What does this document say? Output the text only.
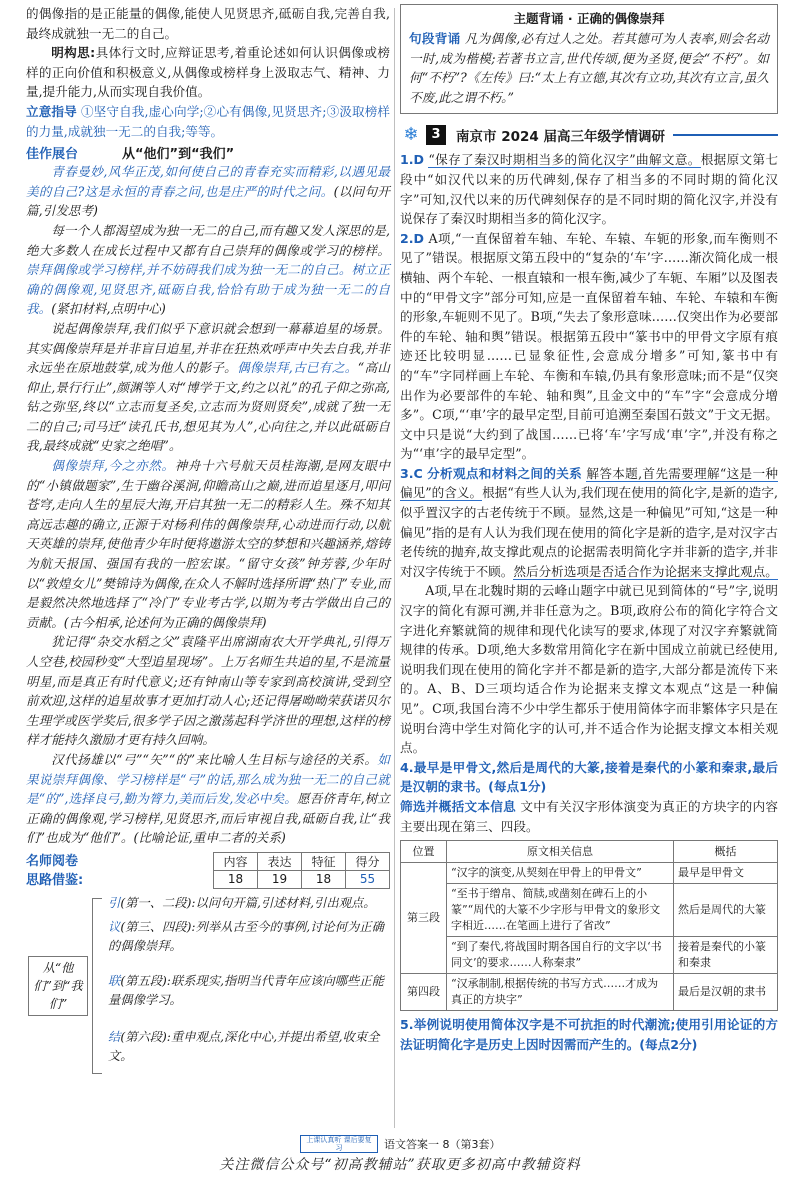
的偶像指的是正能量的偶像,能使人见贤思齐,砥砺自我,完善自我,最终成就独一无二的自己。

明构思:具体行文时,应辩证思考,着重论述如何认识偶像或榜样的正向价值和积极意义,从偶像或榜样身上汲取志气、精神、力量,提升能力,从而实现自我价值。

立意指导 ①坚守自我,虚心向学;②心有偶像,见贤思齐;③汲取榜样的力量,成就独一无二的自我;等等。

佳作展台	从“他们”到“我们”

青春曼妙,风华正茂,如何使自己的青春充实而精彩,以遇见最美的自己?这是永恒的青春之问,也是庄严的时代之问。(以问句开篇,引发思考)

每一个人都渴望成为独一无二的自己,而有趣又发人深思的是,绝大多数人在成长过程中又都有自己崇拜的偶像或学习的榜样。崇拜偶像或学习榜样,并不妨碍我们成为独一无二的自己。树立正确的偶像观,见贤思齐,砥砺自我,恰恰有助于成为独一无二的自我。(紧扣材料,点明中心)

说起偶像崇拜,我们似乎下意识就会想到一幕幕追星的场景。其实偶像崇拜是并非盲目追星,并非在狂热欢呼声中失去自我,并非永远坐在原地鼓掌,成为他人的影子。偶像崇拜,古已有之。“高山仰止,景行行止”,颜渊等人对“博学于文,约之以礼”的孔子仰之弥高,钻之弥坚,终以“立志而复圣矣,立志而为贤则贤矣”,成就了独一无二的自己;司马迁“读孔氏书,想见其为人”,心向往之,并以此砥砺自我,最终成就“史家之绝唱”。

偶像崇拜,今之亦然。神舟十六号航天员桂海潮,是网友眼中的“小镇做题家”,生于幽谷溪涧,仰瞻高山之巅,进而追星逐月,叩问苍穹,走向人生的星辰大海,开启其独一无二的精彩人生。殊不知其高远志趣的确立,正源于对杨利伟的偶像崇拜,心动进而行动,以航天英雄的崇拜,使他青少年时便将遨游太空的梦想和兴趣涵养,熔铸为航天报国、强国有我的一腔宏谋。“留守女孩”钟芳蓉,少年时以“敦煌女儿”樊锦诗为偶像,在众人不解时选择所谓“热门”专业,而是毅然决然地选择了“冷门”专业考古学,以期为考古学做出自己的贡献。(古今相承,论述何为正确的偶像崇拜)

犹记得“杂交水稻之父”袁隆平出席湖南农大开学典礼,引得万人空巷,校园秒变“大型追星现场”。上万名师生共追的星,不是流量明星,而是真正有时代意义;还有钟南山等专家到高校演讲,受到空前欢迎,这样的追星故事才更加打动人心;还记得屠呦呦荣获诺贝尔生理学或医学奖后,很多学子因之激荡起科学济世的理想,这样的榜样才能持久激励才更有持久回响。

汉代扬雄以“弓”“矢”“的”来比喻人生目标与途径的关系。如果说崇拜偶像、学习榜样是“弓”的话,那么成为独一无二的自己就是“的”,选择良弓,勤为膂力,美而后发,发必中矣。愿吾侪青年,树立正确的偶像观,学习榜样,见贤思齐,而后审视自我,砥砺自我,让“我们”也成为“他们”。(比喻论证,重申二者的关系)

名师阅卷
思路借鉴:
内容	表达	特征	得分
18	19	18	55
从“他们”到“我们”
引(第一、二段):以问句开篇,引述材料,引出观点。
议(第三、四段):列举从古至今的事例,讨论何为正确的偶像崇拜。
联(第五段):联系现实,指明当代青年应该向哪些正能量偶像学习。
结(第六段):重申观点,深化中心,并提出希望,收束全文。
主题背诵 · 正确的偶像崇拜

句段背诵 凡为偶像,必有过人之处。若其德可为人表率,则会名动一时,成为楷模;若著书立言,世代传颂,便为圣贤,便会“不朽”。如何“不朽”?《左传》曰:“太上有立德,其次有立功,其次有立言,虽久不废,此之谓不朽。”

❄ 3	南京市 2024 届高三年级学情调研

1.D “保存了秦汉时期相当多的简化汉字”曲解文意。根据原文第七段中“如汉代以来的历代碑刻,保存了相当多的不同时期的简化汉字”可知,汉代以来的历代碑刻保存的是不同时期的简化汉字,并没有说保存了秦汉时期相当多的简化汉字。

2.D A项,“一直保留着车轴、车轮、车辕、车轭的形象,而车衡则不见了”错误。根据原文第五段中的“复杂的‘车’字……渐次简化成一根横轴、两个车轮、一根直辕和一根车衡,减少了车轭、车厢”以及图表中的“甲骨文字”部分可知,应是一直保留着车轴、车轮、车辕和车衡的形象,车轭则不见了。B项,“失去了象形意味……仅突出作为必要部件的车轮、轴和舆”错误。根据第五段中“篆书中的甲骨文字原有痕迹还比较明显……已显象征性,会意成分增多”可知,篆书中有的“车”字同样画上车轮、车衡和车辕,仍具有象形意味;而不是“仅突出作为必要部件的车轮、轴和舆”,且金文中的“车”字“会意成分增多”。C项,“‘車’字的最早定型,目前可追溯至秦国石鼓文”于文无据。文中只是说“大约到了战国……已将‘车’字写成‘車’字”,并没有称之为“‘車’字的最早定型”。

3.C 分析观点和材料之间的关系 解答本题,首先需要理解“这是一种偏见”的含义。根据“有些人认为,我们现在使用的简化字,是新的造字,似乎置汉字的古老传统于不顾。显然,这是一种偏见”可知,“这是一种偏见”指的是有人认为我们现在使用的简化字是新的造字,是对汉字古老传统的抛弃,故支撑此观点的论据需表明简化字并非新的造字,并非对汉字传统于不顾。然后分析选项是否适合作为论据来支撑此观点。

A项,早在北魏时期的云峰山题字中就已见到简体的“号”字,说明汉字的简化有源可溯,并非任意为之。B项,政府公布的简化字符合文字进化弃繁就简的规律和现代化读写的要求,体现了对汉字弃繁就简规律的传承。D项,绝大多数常用简化字在新中国成立前就已经使用,说明我们现在使用的简化字并不都是新的造字,大部分都是流传下来的。A、B、D三项均适合作为论据来支撑文本观点“这是一种偏见”。C项,我国台湾不少中学生都乐于使用简体字而非繁体字只是在说明台湾中学生对简化字的认可,并不适合作为论据支撑文本相关观点。

4.最早是甲骨文,然后是周代的大篆,接着是秦代的小篆和秦隶,最后是汉朝的隶书。(每点1分)

筛选并概括文本信息 文中有关汉字形体演变为真正的方块字的内容主要出现在第三、四段。

位置	原文相关信息	概括
第三段	“汉字的演变,从契刻在甲骨上的甲骨文”	最早是甲骨文
	“至书于缯帛、简牍,或凿刻在碑石上的小篆”“周代的大篆不少字形与甲骨文的象形文字相近……在笔画上进行了省改”	然后是周代的大篆
	“到了秦代,将战国时期各国自行的文字以‘书同文’的要求……人称秦隶”	接着是秦代的小篆和秦隶
第四段	“汉承制制,根据传统的书写方式……才成为真正的方块字”	最后是汉朝的隶书

5.举例说明使用简体汉字是不可抗拒的时代潮流;使用引用论证的方法证明简化字是历史上因时因需而产生的。(每点2分)

上课认真听 课后要复习	语文答案一 8（第3套）
关注微信公众号“初高教辅站”获取更多初高中教辅资料
